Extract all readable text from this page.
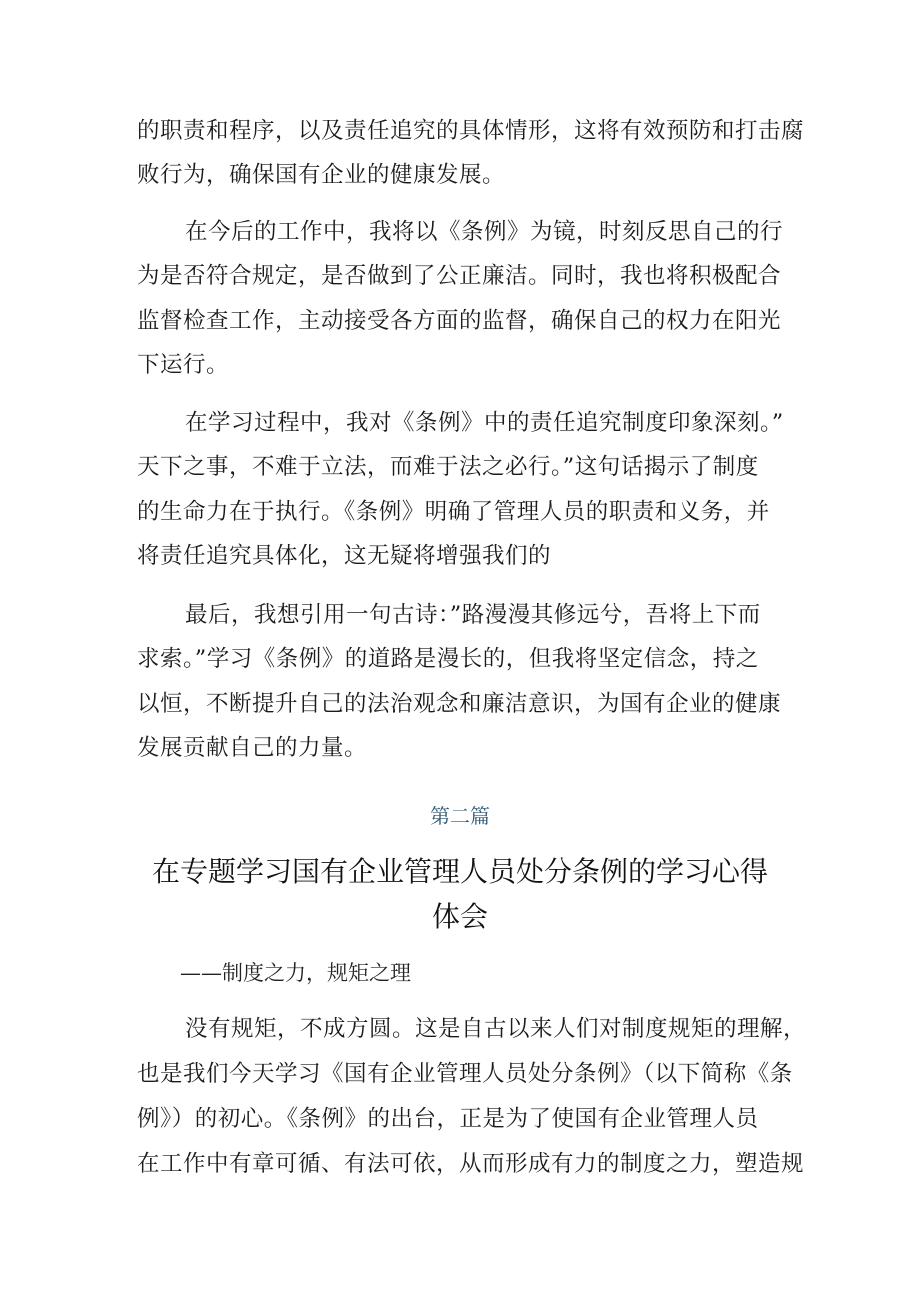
的职责和程序，以及责任追究的具体情形，这将有效预防和打击腐
败行为，确保国有企业的健康发展。
在今后的工作中，我将以《条例》为镜，时刻反思自己的行
为是否符合规定，是否做到了公正廉洁。同时，我也将积极配合
监督检查工作，主动接受各方面的监督，确保自己的权力在阳光
下运行。
在学习过程中，我对《条例》中的责任追究制度印象深刻。”
天下之事，不难于立法，而难于法之必行。”这句话揭示了制度
的生命力在于执行。《条例》明确了管理人员的职责和义务，并
将责任追究具体化，这无疑将增强我们的
最后，我想引用一句古诗：”路漫漫其修远兮，吾将上下而
求索。”学习《条例》的道路是漫长的，但我将坚定信念，持之
以恒，不断提升自己的法治观念和廉洁意识，为国有企业的健康
发展贡献自己的力量。
第二篇
在专题学习国有企业管理人员处分条例的学习心得
体会
——制度之力，规矩之理
没有规矩，不成方圆。这是自古以来人们对制度规矩的理解，
也是我们今天学习《国有企业管理人员处分条例》（以下简称《条
例》）的初心。《条例》的出台，正是为了使国有企业管理人员
在工作中有章可循、有法可依，从而形成有力的制度之力，塑造规
